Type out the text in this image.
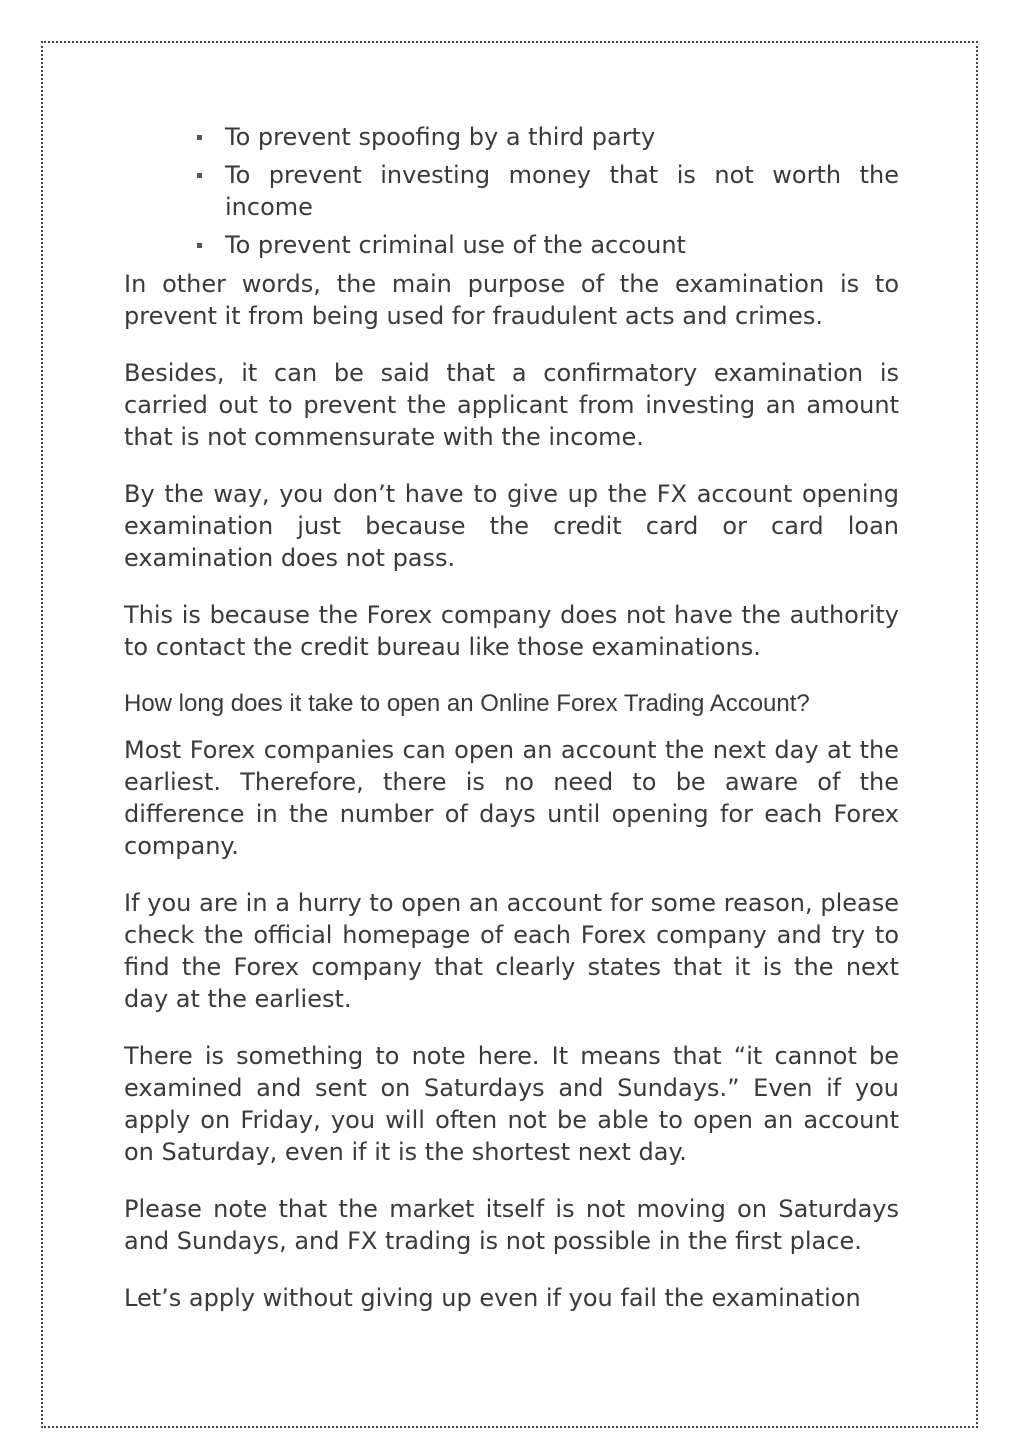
To prevent spoofing by a third party
To prevent investing money that is not worth the income
To prevent criminal use of the account

In other words, the main purpose of the examination is to prevent it from being used for fraudulent acts and crimes.

Besides, it can be said that a confirmatory examination is carried out to prevent the applicant from investing an amount that is not commensurate with the income.

By the way, you don’t have to give up the FX account opening examination just because the credit card or card loan examination does not pass.

This is because the Forex company does not have the authority to contact the credit bureau like those examinations.

How long does it take to open an Online Forex Trading Account?

Most Forex companies can open an account the next day at the earliest. Therefore, there is no need to be aware of the difference in the number of days until opening for each Forex company.

If you are in a hurry to open an account for some reason, please check the official homepage of each Forex company and try to find the Forex company that clearly states that it is the next day at the earliest.

There is something to note here. It means that “it cannot be examined and sent on Saturdays and Sundays.” Even if you apply on Friday, you will often not be able to open an account on Saturday, even if it is the shortest next day.

Please note that the market itself is not moving on Saturdays and Sundays, and FX trading is not possible in the first place.

Let’s apply without giving up even if you fail the examination
